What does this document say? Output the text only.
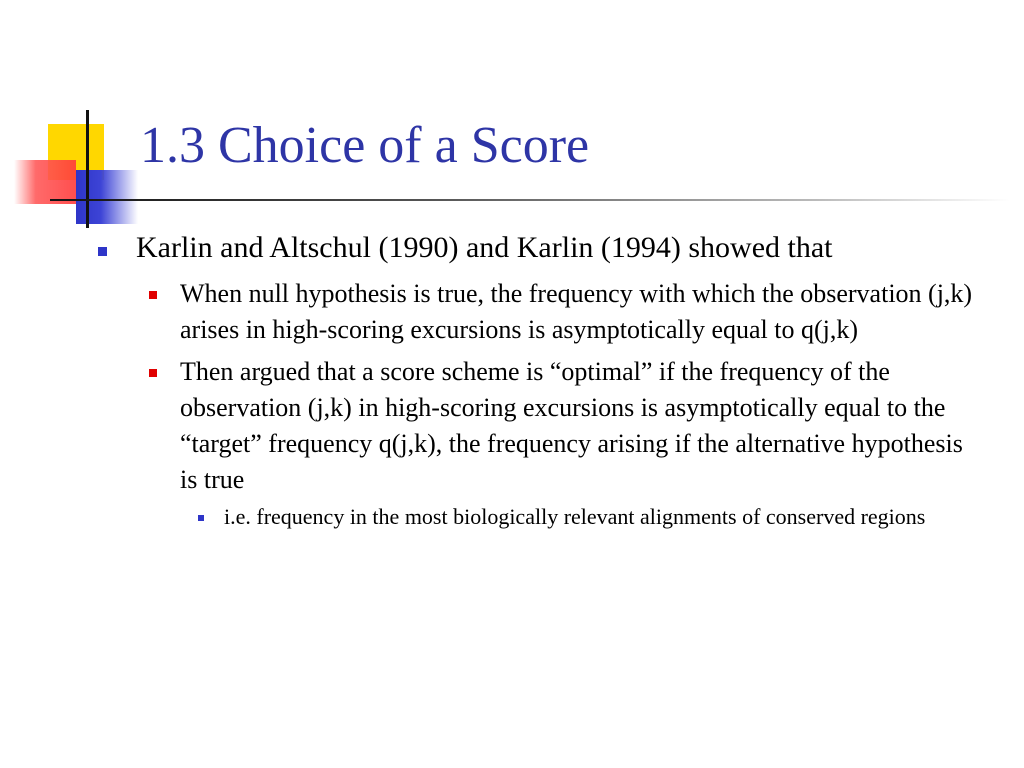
1.3 Choice of a Score

Karlin and Altschul (1990) and Karlin (1994) showed that

When null hypothesis is true, the frequency with which the observation (j,k) arises in high-scoring excursions is asymptotically equal to q(j,k)

Then argued that a score scheme is “optimal” if the frequency of the observation (j,k) in high-scoring excursions is asymptotically equal to the “target” frequency q(j,k), the frequency arising if the alternative hypothesis is true

i.e. frequency in the most biologically relevant alignments of conserved regions
